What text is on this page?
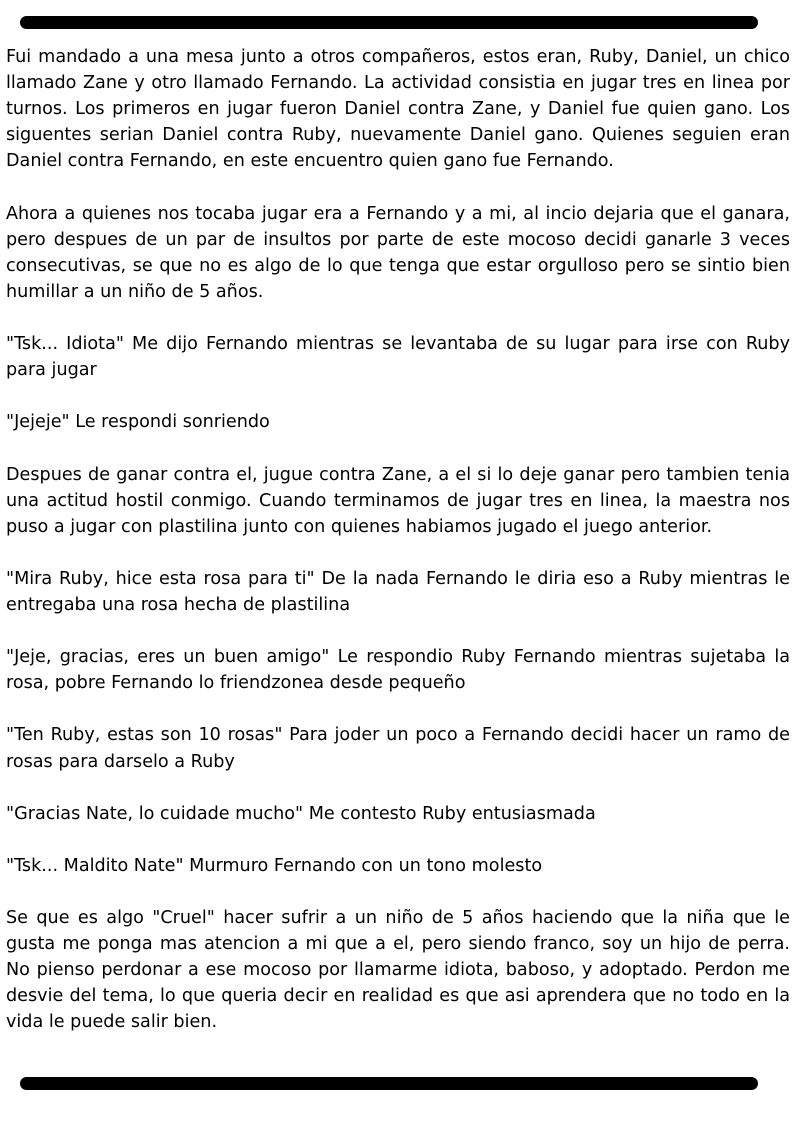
Fui mandado a una mesa junto a otros compañeros, estos eran, Ruby, Daniel, un chico llamado Zane y otro llamado Fernando. La actividad consistia en jugar tres en linea por turnos. Los primeros en jugar fueron Daniel contra Zane, y Daniel fue quien gano. Los siguentes serian Daniel contra Ruby, nuevamente Daniel gano. Quienes seguien eran Daniel contra Fernando, en este encuentro quien gano fue Fernando.

Ahora a quienes nos tocaba jugar era a Fernando y a mi, al incio dejaria que el ganara, pero despues de un par de insultos por parte de este mocoso decidi ganarle 3 veces consecutivas, se que no es algo de lo que tenga que estar orgulloso pero se sintio bien humillar a un niño de 5 años.

"Tsk... Idiota" Me dijo Fernando mientras se levantaba de su lugar para irse con Ruby para jugar

"Jejeje" Le respondi sonriendo

Despues de ganar contra el, jugue contra Zane, a el si lo deje ganar pero tambien tenia una actitud hostil conmigo. Cuando terminamos de jugar tres en linea, la maestra nos puso a jugar con plastilina junto con quienes habiamos jugado el juego anterior.

"Mira Ruby, hice esta rosa para ti" De la nada Fernando le diria eso a Ruby mientras le entregaba una rosa hecha de plastilina

"Jeje, gracias, eres un buen amigo" Le respondio Ruby Fernando mientras sujetaba la rosa, pobre Fernando lo friendzonea desde pequeño

"Ten Ruby, estas son 10 rosas" Para joder un poco a Fernando decidi hacer un ramo de rosas para darselo a Ruby

"Gracias Nate, lo cuidade mucho" Me contesto Ruby entusiasmada

"Tsk... Maldito Nate" Murmuro Fernando con un tono molesto

Se que es algo "Cruel" hacer sufrir a un niño de 5 años haciendo que la niña que le gusta me ponga mas atencion a mi que a el, pero siendo franco, soy un hijo de perra. No pienso perdonar a ese mocoso por llamarme idiota, baboso, y adoptado. Perdon me desvie del tema, lo que queria decir en realidad es que asi aprendera que no todo en la vida le puede salir bien.
